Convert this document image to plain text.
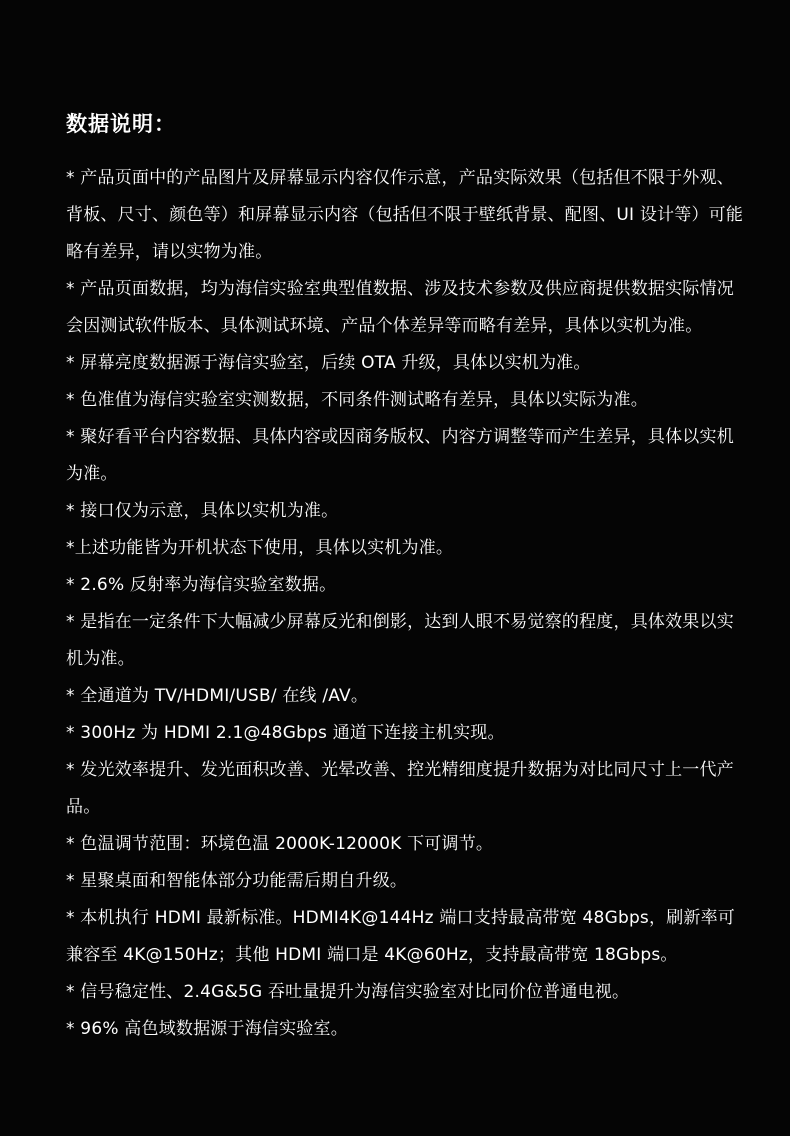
数据说明：
* 产品页面中的产品图片及屏幕显示内容仅作示意，产品实际效果（包括但不限于外观、背板、尺寸、颜色等）和屏幕显示内容（包括但不限于壁纸背景、配图、UI 设计等）可能略有差异，请以实物为准。
* 产品页面数据，均为海信实验室典型值数据、涉及技术参数及供应商提供数据实际情况会因测试软件版本、具体测试环境、产品个体差异等而略有差异，具体以实机为准。
* 屏幕亮度数据源于海信实验室，后续 OTA 升级，具体以实机为准。
* 色准值为海信实验室实测数据，不同条件测试略有差异，具体以实际为准。
* 聚好看平台内容数据、具体内容或因商务版权、内容方调整等而产生差异，具体以实机为准。
* 接口仅为示意，具体以实机为准。
*上述功能皆为开机状态下使用，具体以实机为准。
* 2.6% 反射率为海信实验室数据。
* 是指在一定条件下大幅减少屏幕反光和倒影，达到人眼不易觉察的程度，具体效果以实机为准。
* 全通道为 TV/HDMI/USB/ 在线 /AV。
* 300Hz 为 HDMI 2.1@48Gbps 通道下连接主机实现。
* 发光效率提升、发光面积改善、光晕改善、控光精细度提升数据为对比同尺寸上一代产品。
* 色温调节范围：环境色温 2000K-12000K 下可调节。
* 星聚桌面和智能体部分功能需后期自升级。
* 本机执行 HDMI 最新标准。HDMI4K@144Hz 端口支持最高带宽 48Gbps，刷新率可兼容至 4K@150Hz；其他 HDMI 端口是 4K@60Hz，支持最高带宽 18Gbps。
* 信号稳定性、2.4G&5G 吞吐量提升为海信实验室对比同价位普通电视。
* 96% 高色域数据源于海信实验室。
